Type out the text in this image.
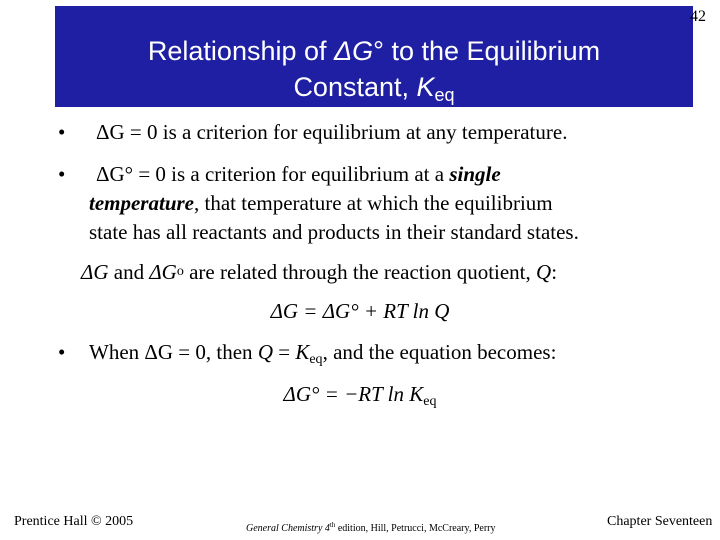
Relationship of ΔG° to the Equilibrium
Constant, $K_{eq}$
42
• ΔG = 0 is a criterion for equilibrium at any temperature.
• ΔG° = 0 is a criterion for equilibrium at a single
temperature, that temperature at which the equilibrium
state has all reactants and products in their standard states.
ΔG and $\Delta G^o$ are related through the reaction quotient, Q:
ΔG = ΔG° + RT ln Q
• When ΔG = 0, then $Q = K_{eq}$, and the equation becomes:
ΔG° = −RT $\ln K_{eq}$
Prentice Hall © 2005	General Chemistry 4th edition, Hill, Petrucci, McCreary, Perry	Chapter Seventeen
